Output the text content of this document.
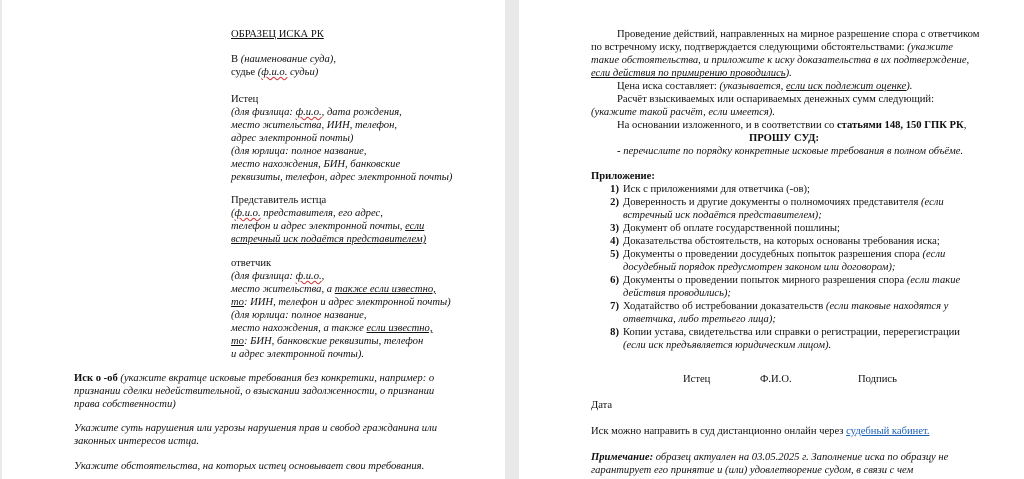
ОБРАЗЕЦ ИСКА РК
В (наименование суда),
судье (ф.и.о. судьи)
Истец
(для физлица: ф.и.о., дата рождения,
место жительства, ИИН, телефон,
адрес электронной почты)
(для юрлица: полное название,
место нахождения, БИН, банковские
реквизиты, телефон, адрес электронной почты)
Представитель истца
(ф.и.о. представителя, его адрес,
телефон и адрес электронной почты, если
встречный иск подаётся представителем)
ответчик
(для физлица: ф.и.о.,
место жительства, а также если известно,
то: ИИН, телефон и адрес электронной почты)
(для юрлица: полное название,
место нахождения, а также если известно,
то: БИН, банковские реквизиты, телефон
и адрес электронной почты).
Иск о -об (укажите вкратце исковые требования без конкретики, например: о
признании сделки недействительной, о взыскании задолженности, о признании
права собственности)
Укажите суть нарушения или угрозы нарушения прав и свобод гражданина или
законных интересов истца.
Укажите обстоятельства, на которых истец основывает свои требования.
Проведение действий, направленных на мирное разрешение спора с ответчиком
по встречному иску, подтверждается следующими обстоятельствами: (укажите
такие обстоятельства, и приложите к иску доказательства в их подтверждение,
если действия по примирению проводились).
Цена иска составляет: (указывается, если иск подлежит оценке).
Расчёт взыскиваемых или оспариваемых денежных сумм следующий:
(укажите такой расчёт, если имеется).
На основании изложенного, и в соответствии со статьями 148, 150 ГПК РК,
ПРОШУ СУД:
- перечислите по порядку конкретные исковые требования в полном объёме.
Приложение:
1) Иск с приложениями для ответчика (-ов);
2) Доверенность и другие документы о полномочиях представителя (если
встречный иск подаётся представителем);
3) Документ об оплате государственной пошлины;
4) Доказательства обстоятельств, на которых основаны требования иска;
5) Документы о проведении досудебных попыток разрешения спора (если
досудебный порядок предусмотрен законом или договором);
6) Документы о проведении попыток мирного разрешения спора (если такие
действия проводились);
7) Ходатайство об истребовании доказательств (если таковые находятся у
ответчика, либо третьего лица);
8) Копии устава, свидетельства или справки о регистрации, перерегистрации
(если иск предъявляется юридическим лицом).
Истец	Ф.И.О.	Подпись
Дата
Иск можно направить в суд дистанционно онлайн через судебный кабинет.
Примечание: образец актуален на 03.05.2025 г. Заполнение иска по образцу не
гарантирует его принятие и (или) удовлетворение судом, в связи с чем
